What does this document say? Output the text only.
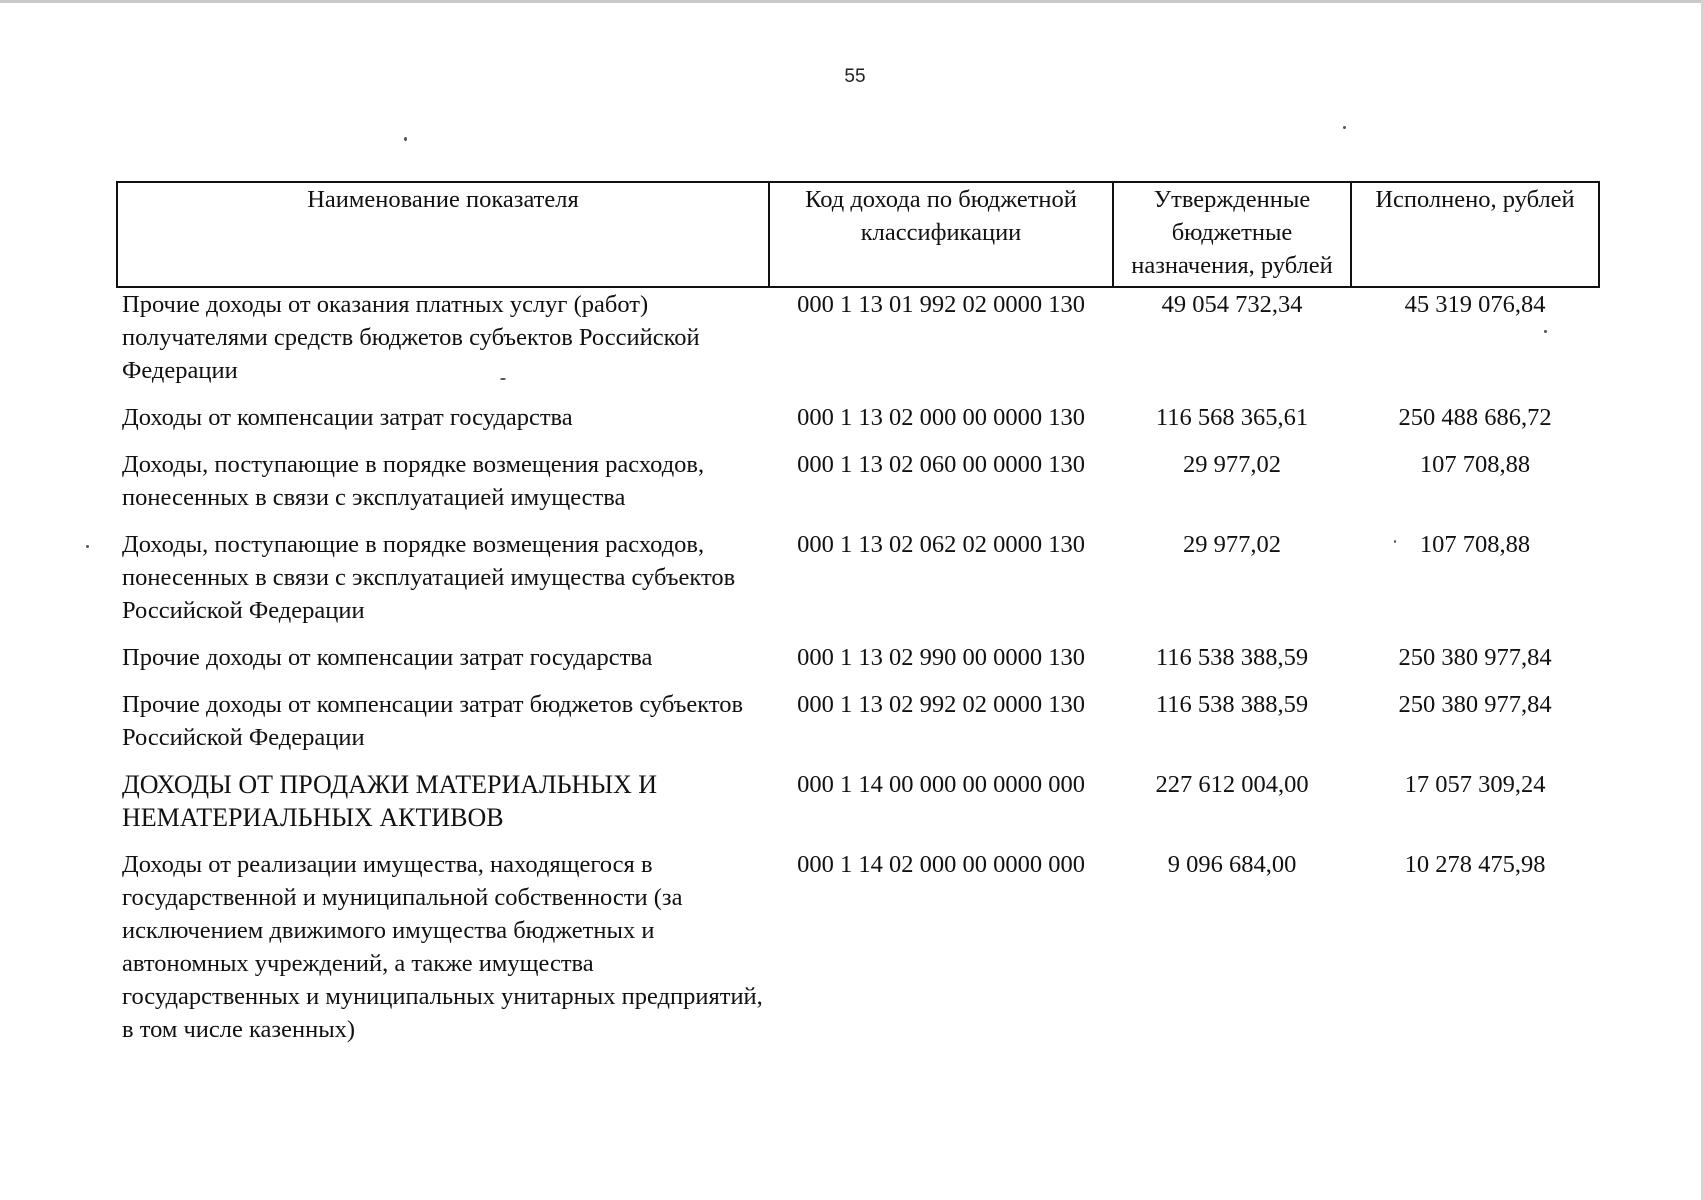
55
Наименование показателя	Код дохода по бюджетной классификации	Утвержденные бюджетные назначения, рублей	Исполнено, рублей
Прочие доходы от оказания платных услуг (работ) получателями средств бюджетов субъектов Российской Федерации	000 1 13 01 992 02 0000 130	49 054 732,34	45 319 076,84
Доходы от компенсации затрат государства	000 1 13 02 000 00 0000 130	116 568 365,61	250 488 686,72
Доходы, поступающие в порядке возмещения расходов, понесенных в связи с эксплуатацией имущества	000 1 13 02 060 00 0000 130	29 977,02	107 708,88
Доходы, поступающие в порядке возмещения расходов, понесенных в связи с эксплуатацией имущества субъектов Российской Федерации	000 1 13 02 062 02 0000 130	29 977,02	107 708,88
Прочие доходы от компенсации затрат государства	000 1 13 02 990 00 0000 130	116 538 388,59	250 380 977,84
Прочие доходы от компенсации затрат бюджетов субъектов Российской Федерации	000 1 13 02 992 02 0000 130	116 538 388,59	250 380 977,84
ДОХОДЫ ОТ ПРОДАЖИ МАТЕРИАЛЬНЫХ И НЕМАТЕРИАЛЬНЫХ АКТИВОВ	000 1 14 00 000 00 0000 000	227 612 004,00	17 057 309,24
Доходы от реализации имущества, находящегося в государственной и муниципальной собственности (за исключением движимого имущества бюджетных и автономных учреждений, а также имущества государственных и муниципальных унитарных предприятий, в том числе казенных)	000 1 14 02 000 00 0000 000	9 096 684,00	10 278 475,98
